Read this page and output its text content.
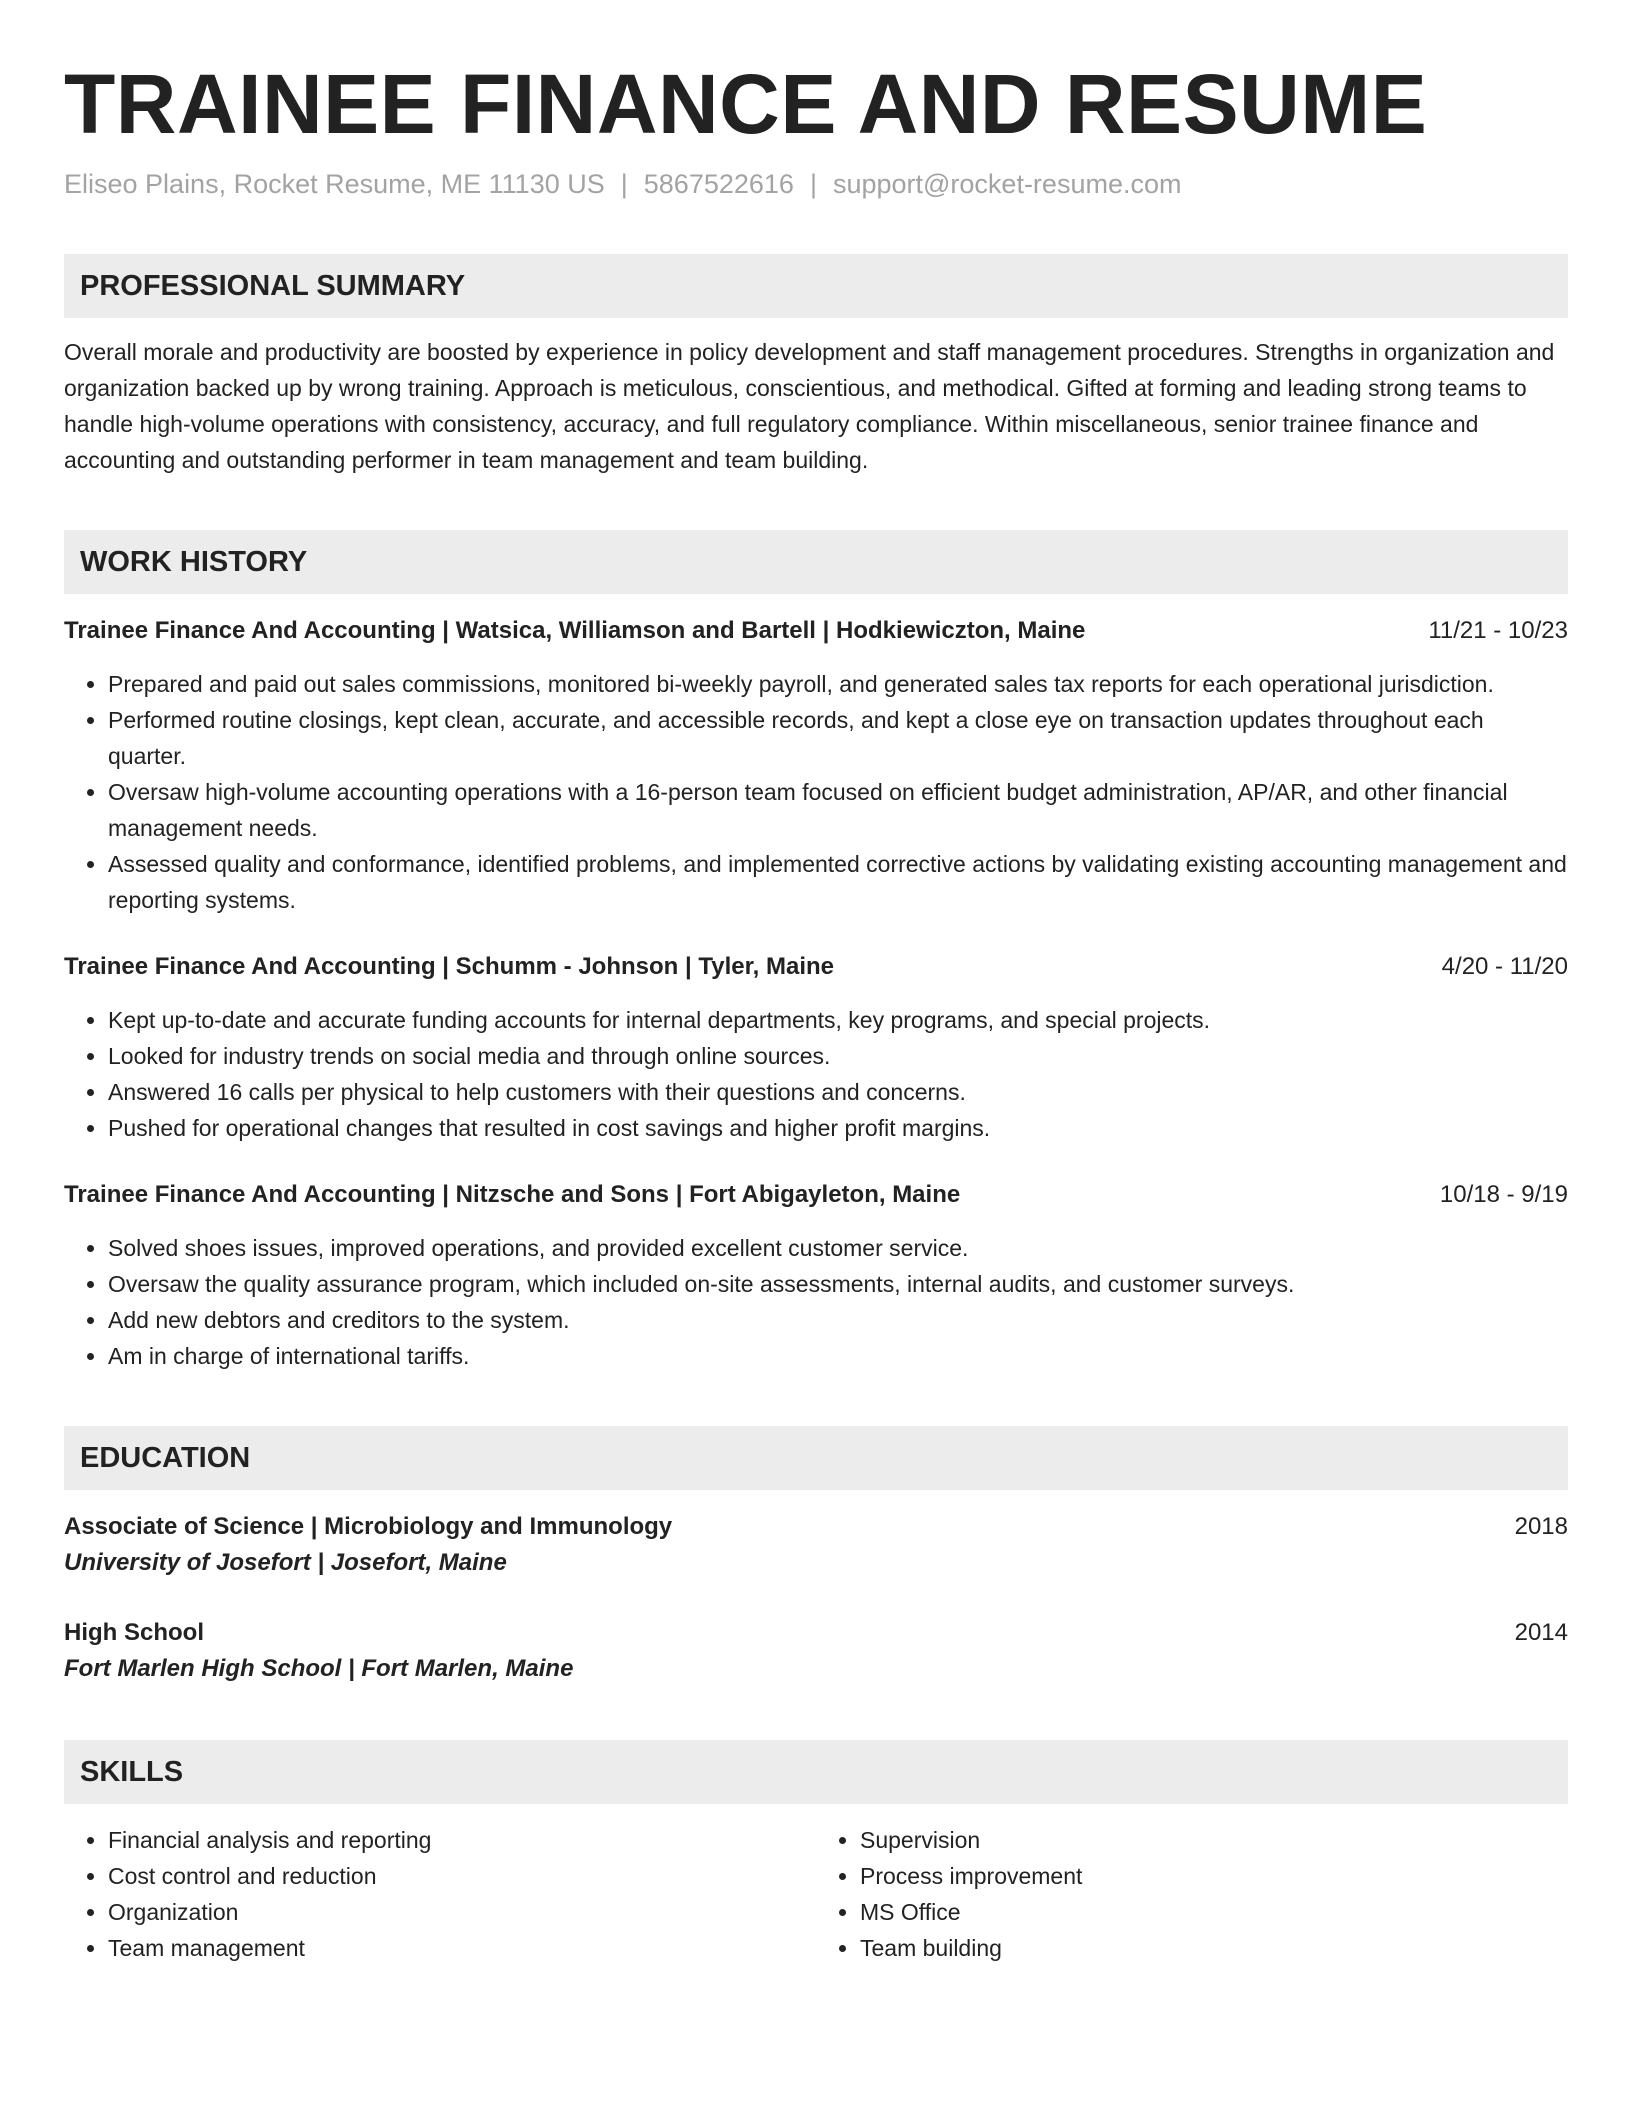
TRAINEE FINANCE AND RESUME
Eliseo Plains, Rocket Resume, ME 11130 US | 5867522616 | support@rocket-resume.com
PROFESSIONAL SUMMARY
Overall morale and productivity are boosted by experience in policy development and staff management procedures. Strengths in organization and organization backed up by wrong training. Approach is meticulous, conscientious, and methodical. Gifted at forming and leading strong teams to handle high-volume operations with consistency, accuracy, and full regulatory compliance. Within miscellaneous, senior trainee finance and accounting and outstanding performer in team management and team building.
WORK HISTORY
Trainee Finance And Accounting | Watsica, Williamson and Bartell | Hodkiewiczton, Maine	11/21 - 10/23
• Prepared and paid out sales commissions, monitored bi-weekly payroll, and generated sales tax reports for each operational jurisdiction.
• Performed routine closings, kept clean, accurate, and accessible records, and kept a close eye on transaction updates throughout each quarter.
• Oversaw high-volume accounting operations with a 16-person team focused on efficient budget administration, AP/AR, and other financial management needs.
• Assessed quality and conformance, identified problems, and implemented corrective actions by validating existing accounting management and reporting systems.
Trainee Finance And Accounting | Schumm - Johnson | Tyler, Maine	4/20 - 11/20
• Kept up-to-date and accurate funding accounts for internal departments, key programs, and special projects.
• Looked for industry trends on social media and through online sources.
• Answered 16 calls per physical to help customers with their questions and concerns.
• Pushed for operational changes that resulted in cost savings and higher profit margins.
Trainee Finance And Accounting | Nitzsche and Sons | Fort Abigayleton, Maine	10/18 - 9/19
• Solved shoes issues, improved operations, and provided excellent customer service.
• Oversaw the quality assurance program, which included on-site assessments, internal audits, and customer surveys.
• Add new debtors and creditors to the system.
• Am in charge of international tariffs.
EDUCATION
Associate of Science | Microbiology and Immunology	2018
University of Josefort | Josefort, Maine
High School	2014
Fort Marlen High School | Fort Marlen, Maine
SKILLS
• Financial analysis and reporting
• Cost control and reduction
• Organization
• Team management
• Supervision
• Process improvement
• MS Office
• Team building
